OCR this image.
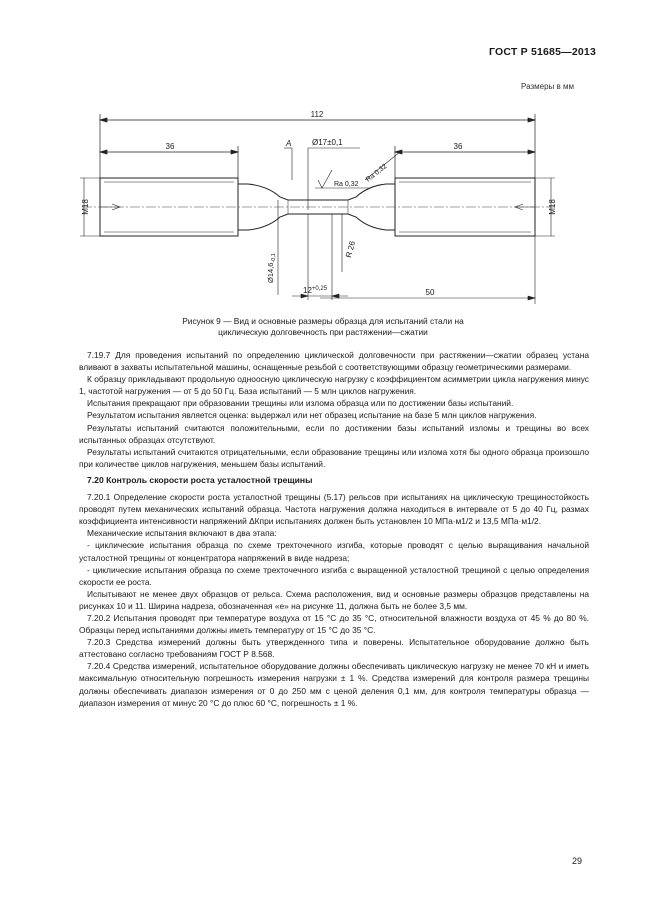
ГОСТ Р 51685—2013
Размеры в мм
112
36	36
A	Ø17±0,1
Ra 0,32
Ra 0,32
M18	M18
$Ø14,6_{-0,1}$	R 26
$12^{+0,25}$	50
Рисунок 9 — Вид и основные размеры образца для испытаний стали на
циклическую долговечность при растяжении—сжатии

7.19.7 Для проведения испытаний по определению циклической долговечности при растяжении—сжатии образец устана вливают в захваты испытательной машины, оснащенные резьбой с соответствующими образцу геометрическими размерами.

К образцу прикладывают продольную одноосную циклическую нагрузку с коэффициентом асимметрии цикла нагружения минус 1, частотой нагружения — от 5 до 50 Гц. База испытаний — 5 млн циклов нагружения.

Испытания прекращают при образовании трещины или излома образца или по достижении базы испытаний.

Результатом испытания является оценка: выдержал или нет образец испытание на базе 5 млн циклов нагружения.

Результаты испытаний считаются положительными, если по достижении базы испытаний изломы и трещины во всех испытанных образцах отсутствуют.

Результаты испытаний считаются отрицательными, если образование трещины или излома хотя бы одного образца произошло при количестве циклов нагружения, меньшем базы испытаний.

7.20 Контроль скорости роста усталостной трещины

7.20.1 Определение скорости роста усталостной трещины (5.17) рельсов при испытаниях на циклическую трещиностойкость проводят путем механических испытаний образца. Частота нагружения должна находиться в интервале от 5 до 40 Гц, размах коэффициента интенсивности напряжений ΔКпри испытаниях должен быть установлен 10 МПа·м1/2 и 13,5 МПа·м1/2.

Механические испытания включают в два этапа:

- циклические испытания образца по схеме трехточечного изгиба, которые проводят с целью выращивания начальной усталостной трещины от концентратора напряжений в виде надреза;

- циклические испытания образца по схеме трехточечного изгиба с выращенной усталостной трещиной с целью определения скорости ее роста.

Испытывают не менее двух образцов от рельса. Схема расположения, вид и основные размеры образцов представлены на рисунках 10 и 11. Ширина надреза, обозначенная «е» на рисунке 11, должна быть не более 3,5 мм.

7.20.2 Испытания проводят при температуре воздуха от 15 °С до 35 °С, относительной влажности воздуха от 45 % до 80 %. Образцы перед испытаниями должны иметь температуру от 15 °С до 35 °С.

7.20.3 Средства измерений должны быть утвержденного типа и поверены. Испытательное оборудование должно быть аттестовано согласно требованиям ГОСТ Р 8.568.

7.20.4 Средства измерений, испытательное оборудование должны обеспечивать циклическую нагрузку не менее 70 кН и иметь максимальную относительную погрешность измерения нагрузки ± 1 %. Средства измерений для контроля размера трещины должны обеспечивать диапазон измерения от 0 до 250 мм с ценой деления 0,1 мм, для контроля температуры образца — диапазон измерения от минус 20 °С до плюс 60 °С, погрешность ± 1 %.

29
